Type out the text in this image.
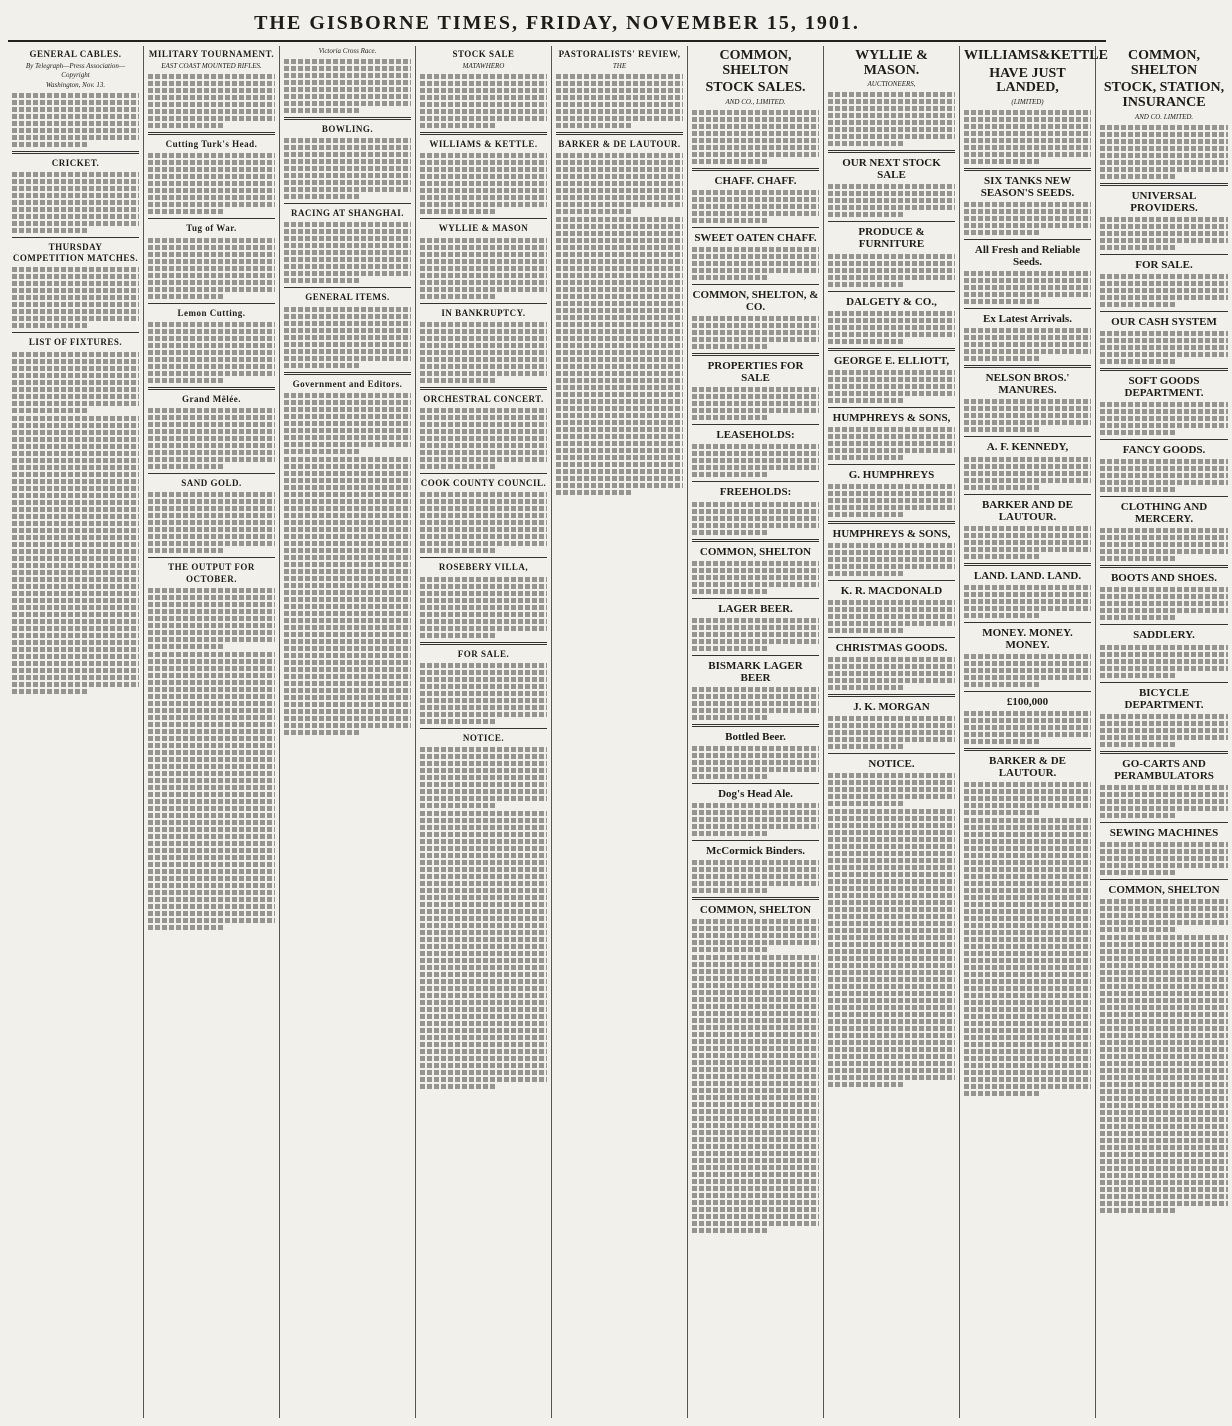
THE GISBORNE TIMES, FRIDAY, NOVEMBER 15, 1901.
GENERAL CABLES.
By Telegraph—Press Association—Copyright
Washington, Nov. 13.
CRICKET.
THURSDAY COMPETITION MATCHES.
LIST OF FIXTURES.
MILITARY TOURNAMENT.
EAST COAST MOUNTED RIFLES.
Cutting Turk's Head.
Tug of War.
Lemon Cutting.
Grand Mêlée.
SAND GOLD.
THE OUTPUT FOR OCTOBER.
Victoria Cross Race.
BOWLING.
RACING AT SHANGHAI.
GENERAL ITEMS.
Government and Editors.
STOCK SALE
MATAWHERO
WILLIAMS & KETTLE.
WYLLIE & MASON
IN BANKRUPTCY.
ORCHESTRAL CONCERT.
COOK COUNTY COUNCIL.
ROSEBERY VILLA,
FOR SALE.
NOTICE.
PASTORALISTS' REVIEW,
THE
BARKER & DE LAUTOUR.
COMMON, SHELTON
STOCK SALES.
AND CO., LIMITED.
CHAFF. CHAFF.
SWEET OATEN CHAFF.
COMMON, SHELTON, & CO.
PROPERTIES FOR SALE
LEASEHOLDS:
FREEHOLDS:
COMMON, SHELTON
LAGER BEER.
BISMARK LAGER BEER
Bottled Beer.
Dog's Head Ale.
McCormick Binders.
COMMON, SHELTON
WYLLIE & MASON.
AUCTIONEERS,
OUR NEXT STOCK SALE
PRODUCE & FURNITURE
DALGETY & CO.,
GEORGE E. ELLIOTT,
HUMPHREYS & SONS,
G. HUMPHREYS
HUMPHREYS & SONS,
K. R. MACDONALD
CHRISTMAS GOODS.
J. K. MORGAN
NOTICE.
WILLIAMS&KETTLE
HAVE JUST LANDED,
(LIMITED)
SIX TANKS NEW SEASON'S SEEDS.
All Fresh and Reliable Seeds.
Ex Latest Arrivals.
NELSON BROS.' MANURES.
A. F. KENNEDY,
BARKER AND DE LAUTOUR.
LAND. LAND. LAND.
MONEY. MONEY. MONEY.
£100,000
BARKER & DE LAUTOUR.
COMMON, SHELTON
STOCK, STATION, INSURANCE
AND CO. LIMITED.
UNIVERSAL PROVIDERS.
FOR SALE.
OUR CASH SYSTEM
SOFT GOODS DEPARTMENT.
FANCY GOODS.
CLOTHING AND MERCERY.
BOOTS AND SHOES.
SADDLERY.
BICYCLE DEPARTMENT.
GO-CARTS AND PERAMBULATORS
SEWING MACHINES
COMMON, SHELTON
